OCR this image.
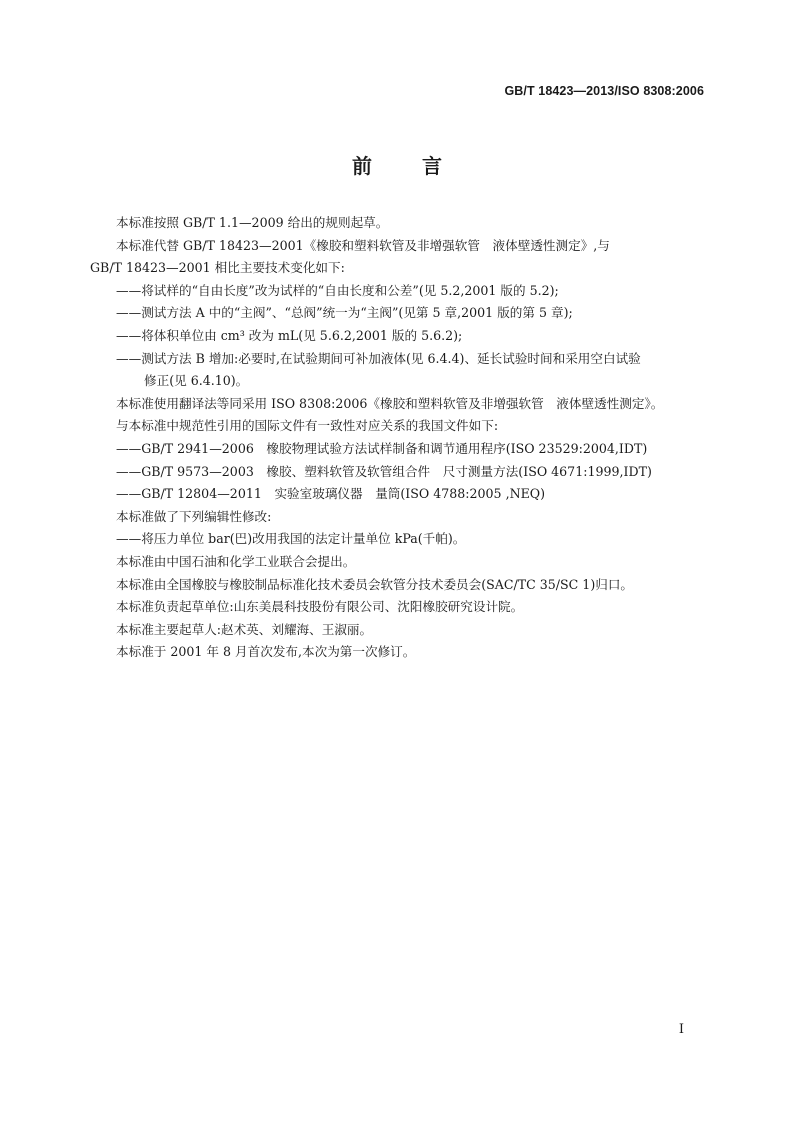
GB/T 18423—2013/ISO 8308:2006
前言
本标准按照 GB/T 1.1—2009 给出的规则起草。
本标准代替 GB/T 18423—2001《橡胶和塑料软管及非增强软管　液体壁透性测定》,与
GB/T 18423—2001 相比主要技术变化如下:
——将试样的“自由长度”改为试样的“自由长度和公差”(见 5.2,2001 版的 5.2);
——测试方法 A 中的“主阀”、“总阀”统一为“主阀”(见第 5 章,2001 版的第 5 章);
——将体积单位由 cm³ 改为 mL(见 5.6.2,2001 版的 5.6.2);
——测试方法 B 增加:必要时,在试验期间可补加液体(见 6.4.4)、延长试验时间和采用空白试验
修正(见 6.4.10)。
本标准使用翻译法等同采用 ISO 8308:2006《橡胶和塑料软管及非增强软管　液体壁透性测定》。
与本标准中规范性引用的国际文件有一致性对应关系的我国文件如下:
——GB/T 2941—2006　橡胶物理试验方法试样制备和调节通用程序(ISO 23529:2004,IDT)
——GB/T 9573—2003　橡胶、塑料软管及软管组合件　尺寸测量方法(ISO 4671:1999,IDT)
——GB/T 12804—2011　实验室玻璃仪器　量筒(ISO 4788:2005 ,NEQ)
本标准做了下列编辑性修改:
——将压力单位 bar(巴)改用我国的法定计量单位 kPa(千帕)。
本标准由中国石油和化学工业联合会提出。
本标准由全国橡胶与橡胶制品标准化技术委员会软管分技术委员会(SAC/TC 35/SC 1)归口。
本标准负责起草单位:山东美晨科技股份有限公司、沈阳橡胶研究设计院。
本标准主要起草人:赵术英、刘耀海、王淑丽。
本标准于 2001 年 8 月首次发布,本次为第一次修订。
I
